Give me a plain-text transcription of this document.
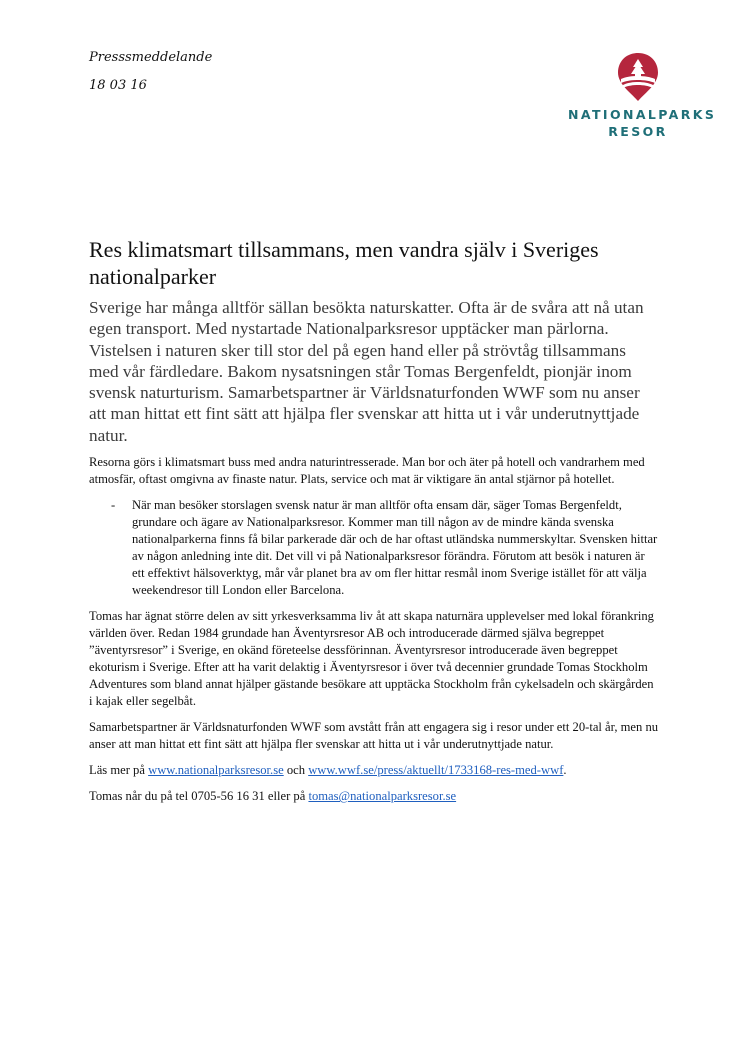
Presssmeddelande
18 03 16
NATIONALPARKS
RESOR
Res klimatsmart tillsammans, men vandra själv i Sveriges nationalparker

Sverige har många alltför sällan besökta naturskatter. Ofta är de svåra att nå utan egen transport. Med nystartade Nationalparksresor upptäcker man pärlorna. Vistelsen i naturen sker till stor del på egen hand eller på strövtåg tillsammans med vår färdledare. Bakom nysatsningen står Tomas Bergenfeldt, pionjär inom svensk naturturism. Samarbetspartner är Världsnaturfonden WWF som nu anser att man hittat ett fint sätt att hjälpa fler svenskar att hitta ut i vår underutnyttjade natur.

Resorna görs i klimatsmart buss med andra naturintresserade. Man bor och äter på hotell och vandrarhem med atmosfär, oftast omgivna av finaste natur. Plats, service och mat är viktigare än antal stjärnor på hotellet.

-	När man besöker storslagen svensk natur är man alltför ofta ensam där, säger Tomas Bergenfeldt, grundare och ägare av Nationalparksresor. Kommer man till någon av de mindre kända svenska nationalparkerna finns få bilar parkerade där och de har oftast utländska nummerskyltar. Svensken hittar av någon anledning inte dit. Det vill vi på Nationalparksresor förändra. Förutom att besök i naturen är ett effektivt hälsoverktyg, mår vår planet bra av om fler hittar resmål inom Sverige istället för att välja weekendresor till London eller Barcelona.

Tomas har ägnat större delen av sitt yrkesverksamma liv åt att skapa naturnära upplevelser med lokal förankring världen över. Redan 1984 grundade han Äventyrsresor AB och introducerade därmed själva begreppet ”äventyrsresor” i Sverige, en okänd företeelse dessförinnan. Äventyrsresor introducerade även begreppet ekoturism i Sverige. Efter att ha varit delaktig i Äventyrsresor i över två decennier grundade Tomas Stockholm Adventures som bland annat hjälper gästande besökare att upptäcka Stockholm från cykelsadeln och skärgården i kajak eller segelbåt.

Samarbetspartner är Världsnaturfonden WWF som avstått från att engagera sig i resor under ett 20-tal år, men nu anser att man hittat ett fint sätt att hjälpa fler svenskar att hitta ut i vår underutnyttjade natur.

Läs mer på www.nationalparksresor.se och www.wwf.se/press/aktuellt/1733168-res-med-wwf.

Tomas når du på tel 0705-56 16 31 eller på tomas@nationalparksresor.se
